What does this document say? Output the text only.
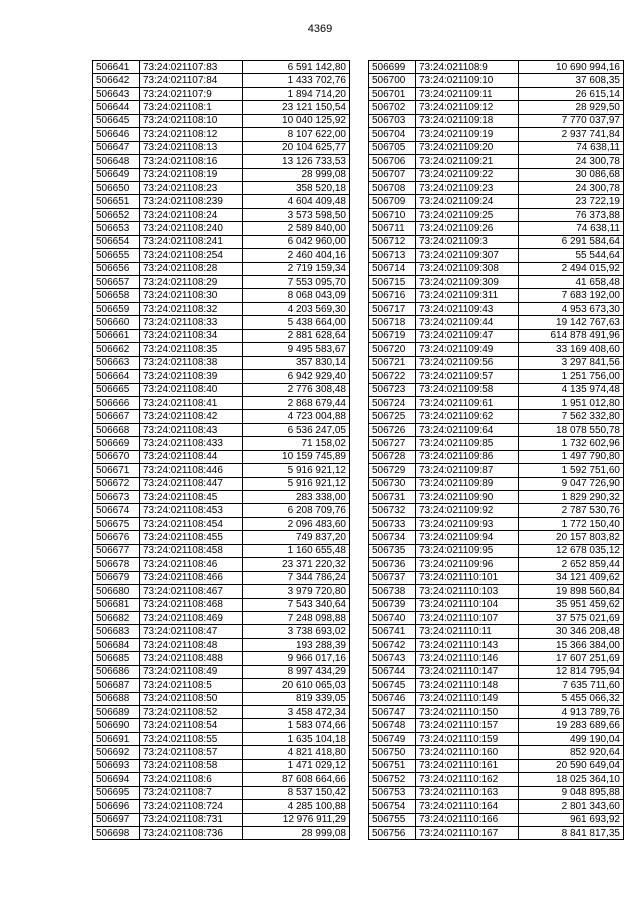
4369
506641	73:24:021107:83	6 591 142,80
506642	73:24:021107:84	1 433 702,76
506643	73:24:021107:9	1 894 714,20
506644	73:24:021108:1	23 121 150,54
506645	73:24:021108:10	10 040 125,92
506646	73:24:021108:12	8 107 622,00
506647	73:24:021108:13	20 104 625,77
506648	73:24:021108:16	13 126 733,53
506649	73:24:021108:19	28 999,08
506650	73:24:021108:23	358 520,18
506651	73:24:021108:239	4 604 409,48
506652	73:24:021108:24	3 573 598,50
506653	73:24:021108:240	2 589 840,00
506654	73:24:021108:241	6 042 960,00
506655	73:24:021108:254	2 460 404,16
506656	73:24:021108:28	2 719 159,34
506657	73:24:021108:29	7 553 095,70
506658	73:24:021108:30	8 068 043,09
506659	73:24:021108:32	4 203 569,30
506660	73:24:021108:33	5 438 664,00
506661	73:24:021108:34	2 881 628,64
506662	73:24:021108:35	9 495 583,67
506663	73:24:021108:38	357 830,14
506664	73:24:021108:39	6 942 929,40
506665	73:24:021108:40	2 776 308,48
506666	73:24:021108:41	2 868 679,44
506667	73:24:021108:42	4 723 004,88
506668	73:24:021108:43	6 536 247,05
506669	73:24:021108:433	71 158,02
506670	73:24:021108:44	10 159 745,89
506671	73:24:021108:446	5 916 921,12
506672	73:24:021108:447	5 916 921,12
506673	73:24:021108:45	283 338,00
506674	73:24:021108:453	6 208 709,76
506675	73:24:021108:454	2 096 483,60
506676	73:24:021108:455	749 837,20
506677	73:24:021108:458	1 160 655,48
506678	73:24:021108:46	23 371 220,32
506679	73:24:021108:466	7 344 786,24
506680	73:24:021108:467	3 979 720,80
506681	73:24:021108:468	7 543 340,64
506682	73:24:021108:469	7 248 098,88
506683	73:24:021108:47	3 738 693,02
506684	73:24:021108:48	193 288,39
506685	73:24:021108:488	9 966 017,16
506686	73:24:021108:49	8 997 434,29
506687	73:24:021108:5	20 610 065,03
506688	73:24:021108:50	819 339,05
506689	73:24:021108:52	3 458 472,34
506690	73:24:021108:54	1 583 074,66
506691	73:24:021108:55	1 635 104,18
506692	73:24:021108:57	4 821 418,80
506693	73:24:021108:58	1 471 029,12
506694	73:24:021108:6	87 608 664,66
506695	73:24:021108:7	8 537 150,42
506696	73:24:021108:724	4 285 100,88
506697	73:24:021108:731	12 976 911,29
506698	73:24:021108:736	28 999,08
506699	73:24:021108:9	10 690 994,16
506700	73:24:021109:10	37 608,35
506701	73:24:021109:11	26 615,14
506702	73:24:021109:12	28 929,50
506703	73:24:021109:18	7 770 037,97
506704	73:24:021109:19	2 937 741,84
506705	73:24:021109:20	74 638,11
506706	73:24:021109:21	24 300,78
506707	73:24:021109:22	30 086,68
506708	73:24:021109:23	24 300,78
506709	73:24:021109:24	23 722,19
506710	73:24:021109:25	76 373,88
506711	73:24:021109:26	74 638,11
506712	73:24:021109:3	6 291 584,64
506713	73:24:021109:307	55 544,64
506714	73:24:021109:308	2 494 015,92
506715	73:24:021109:309	41 658,48
506716	73:24:021109:311	7 683 192,00
506717	73:24:021109:43	4 953 673,30
506718	73:24:021109:44	19 142 767,63
506719	73:24:021109:47	614 878 491,96
506720	73:24:021109:49	33 169 408,60
506721	73:24:021109:56	3 297 841,56
506722	73:24:021109:57	1 251 756,00
506723	73:24:021109:58	4 135 974,48
506724	73:24:021109:61	1 951 012,80
506725	73:24:021109:62	7 562 332,80
506726	73:24:021109:64	18 078 550,78
506727	73:24:021109:85	1 732 602,96
506728	73:24:021109:86	1 497 790,80
506729	73:24:021109:87	1 592 751,60
506730	73:24:021109:89	9 047 726,90
506731	73:24:021109:90	1 829 290,32
506732	73:24:021109:92	2 787 530,76
506733	73:24:021109:93	1 772 150,40
506734	73:24:021109:94	20 157 803,82
506735	73:24:021109:95	12 678 035,12
506736	73:24:021109:96	2 652 859,44
506737	73:24:021110:101	34 121 409,62
506738	73:24:021110:103	19 898 560,84
506739	73:24:021110:104	35 951 459,62
506740	73:24:021110:107	37 575 021,69
506741	73:24:021110:11	30 346 208,48
506742	73:24:021110:143	15 366 384,00
506743	73:24:021110:146	17 607 251,69
506744	73:24:021110:147	12 814 795,94
506745	73:24:021110:148	7 635 711,60
506746	73:24:021110:149	5 455 066,32
506747	73:24:021110:150	4 913 789,76
506748	73:24:021110:157	19 283 689,66
506749	73:24:021110:159	499 190,04
506750	73:24:021110:160	852 920,64
506751	73:24:021110:161	20 590 649,04
506752	73:24:021110:162	18 025 364,10
506753	73:24:021110:163	9 048 895,88
506754	73:24:021110:164	2 801 343,60
506755	73:24:021110:166	961 693,92
506756	73:24:021110:167	8 841 817,35
